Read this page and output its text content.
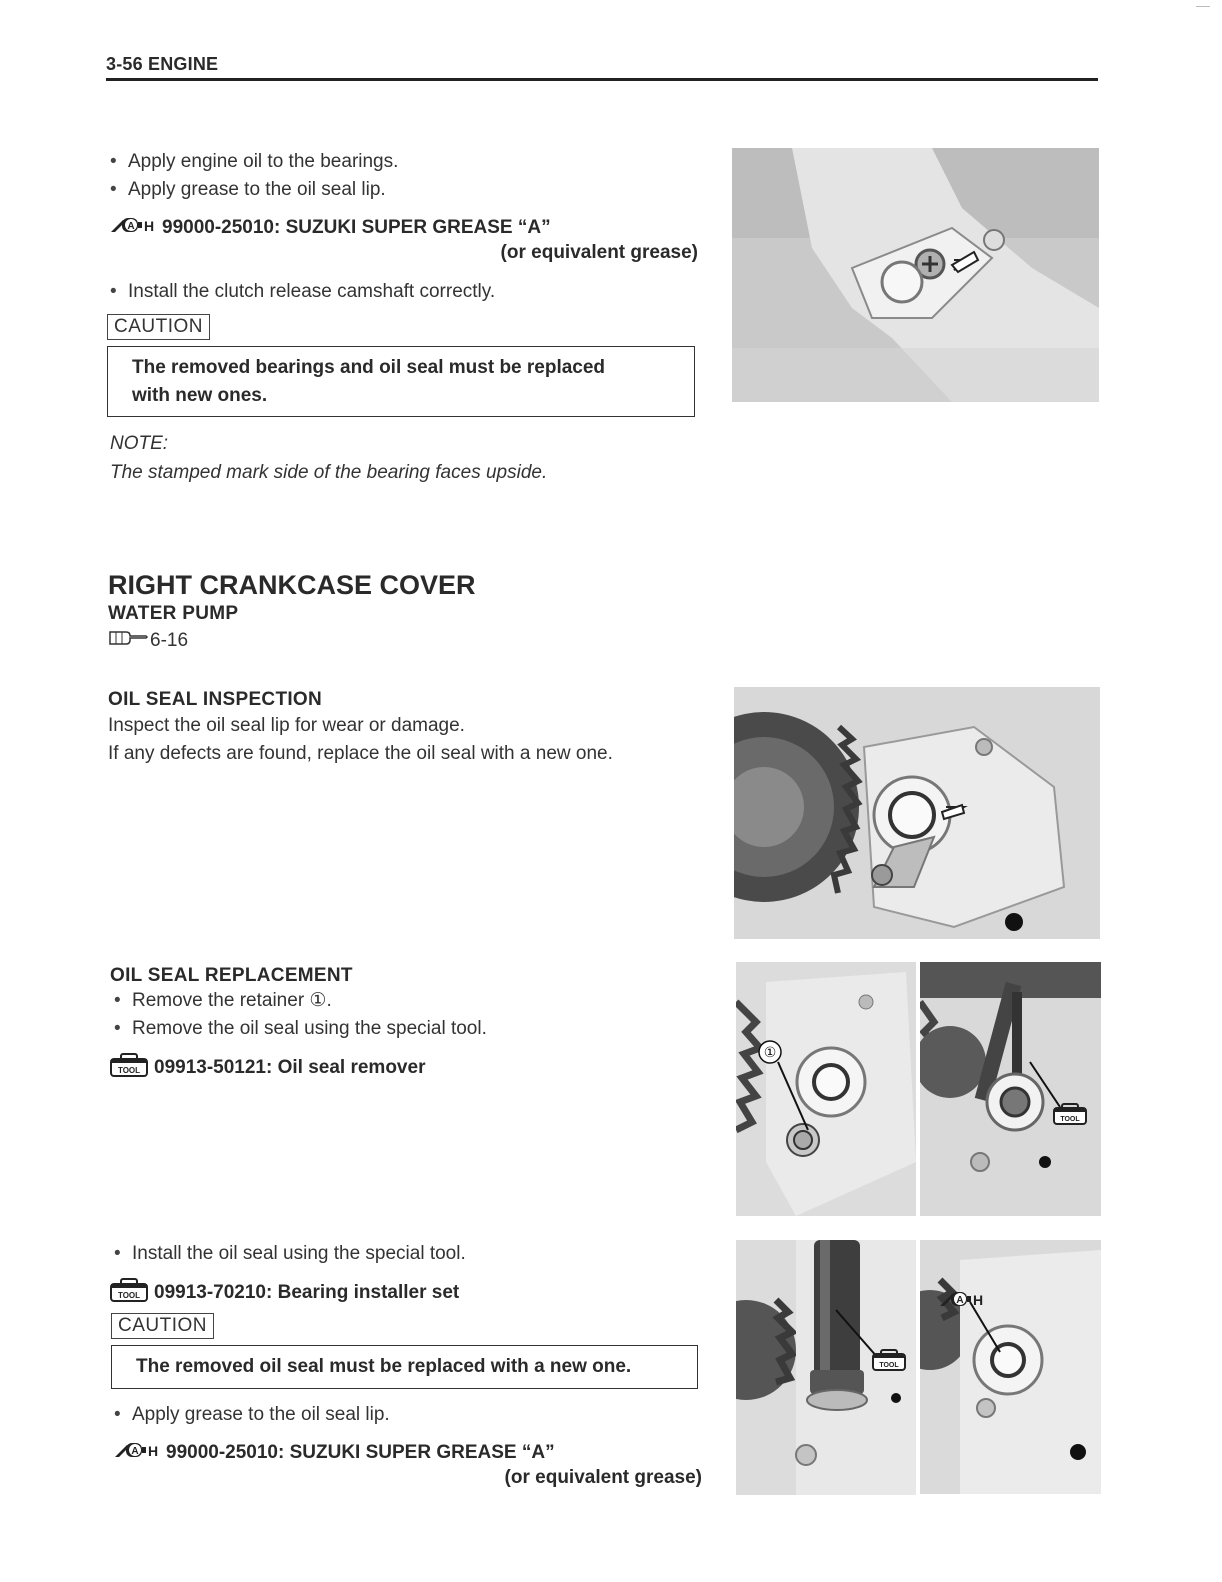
3-56 ENGINE
• Apply engine oil to the bearings.
• Apply grease to the oil seal lip.
A H 99000-25010: SUZUKI SUPER GREASE “A”
(or equivalent grease)
• Install the clutch release camshaft correctly.
CAUTION
The removed bearings and oil seal must be replaced
with new ones.
NOTE:
The stamped mark side of the bearing faces upside.
RIGHT CRANKCASE COVER
WATER PUMP
6-16
OIL SEAL INSPECTION
Inspect the oil seal lip for wear or damage.
If any defects are found, replace the oil seal with a new one.
OIL SEAL REPLACEMENT
• Remove the retainer ①.
• Remove the oil seal using the special tool.
TOOL 09913-50121: Oil seal remover
①
TOOL
• Install the oil seal using the special tool.
TOOL 09913-70210: Bearing installer set
CAUTION
The removed oil seal must be replaced with a new one.
• Apply grease to the oil seal lip.
A H 99000-25010: SUZUKI SUPER GREASE “A”
(or equivalent grease)
TOOL
A H
